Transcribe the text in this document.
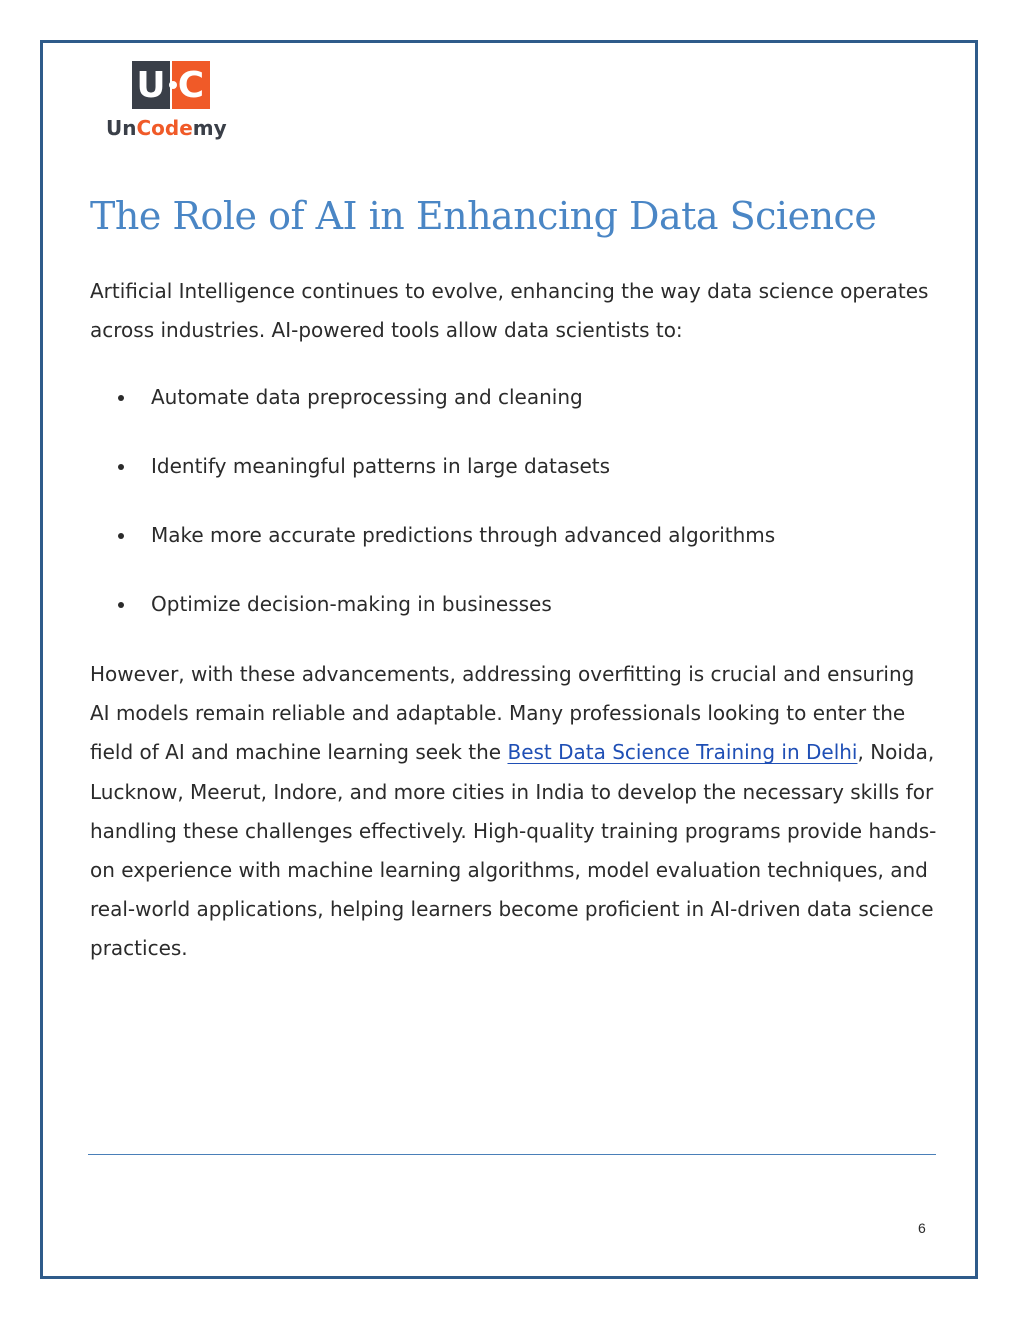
U C
UnCodemy
The Role of AI in Enhancing Data Science

Artificial Intelligence continues to evolve, enhancing the way data science operates across industries. AI-powered tools allow data scientists to:

Automate data preprocessing and cleaning
Identify meaningful patterns in large datasets
Make more accurate predictions through advanced algorithms
Optimize decision-making in businesses

However, with these advancements, addressing overfitting is crucial and ensuring AI models remain reliable and adaptable. Many professionals looking to enter the field of AI and machine learning seek the Best Data Science Training in Delhi, Noida, Lucknow, Meerut, Indore, and more cities in India to develop the necessary skills for handling these challenges effectively. High-quality training programs provide hands-on experience with machine learning algorithms, model evaluation techniques, and real-world applications, helping learners become proficient in AI-driven data science practices.

6
